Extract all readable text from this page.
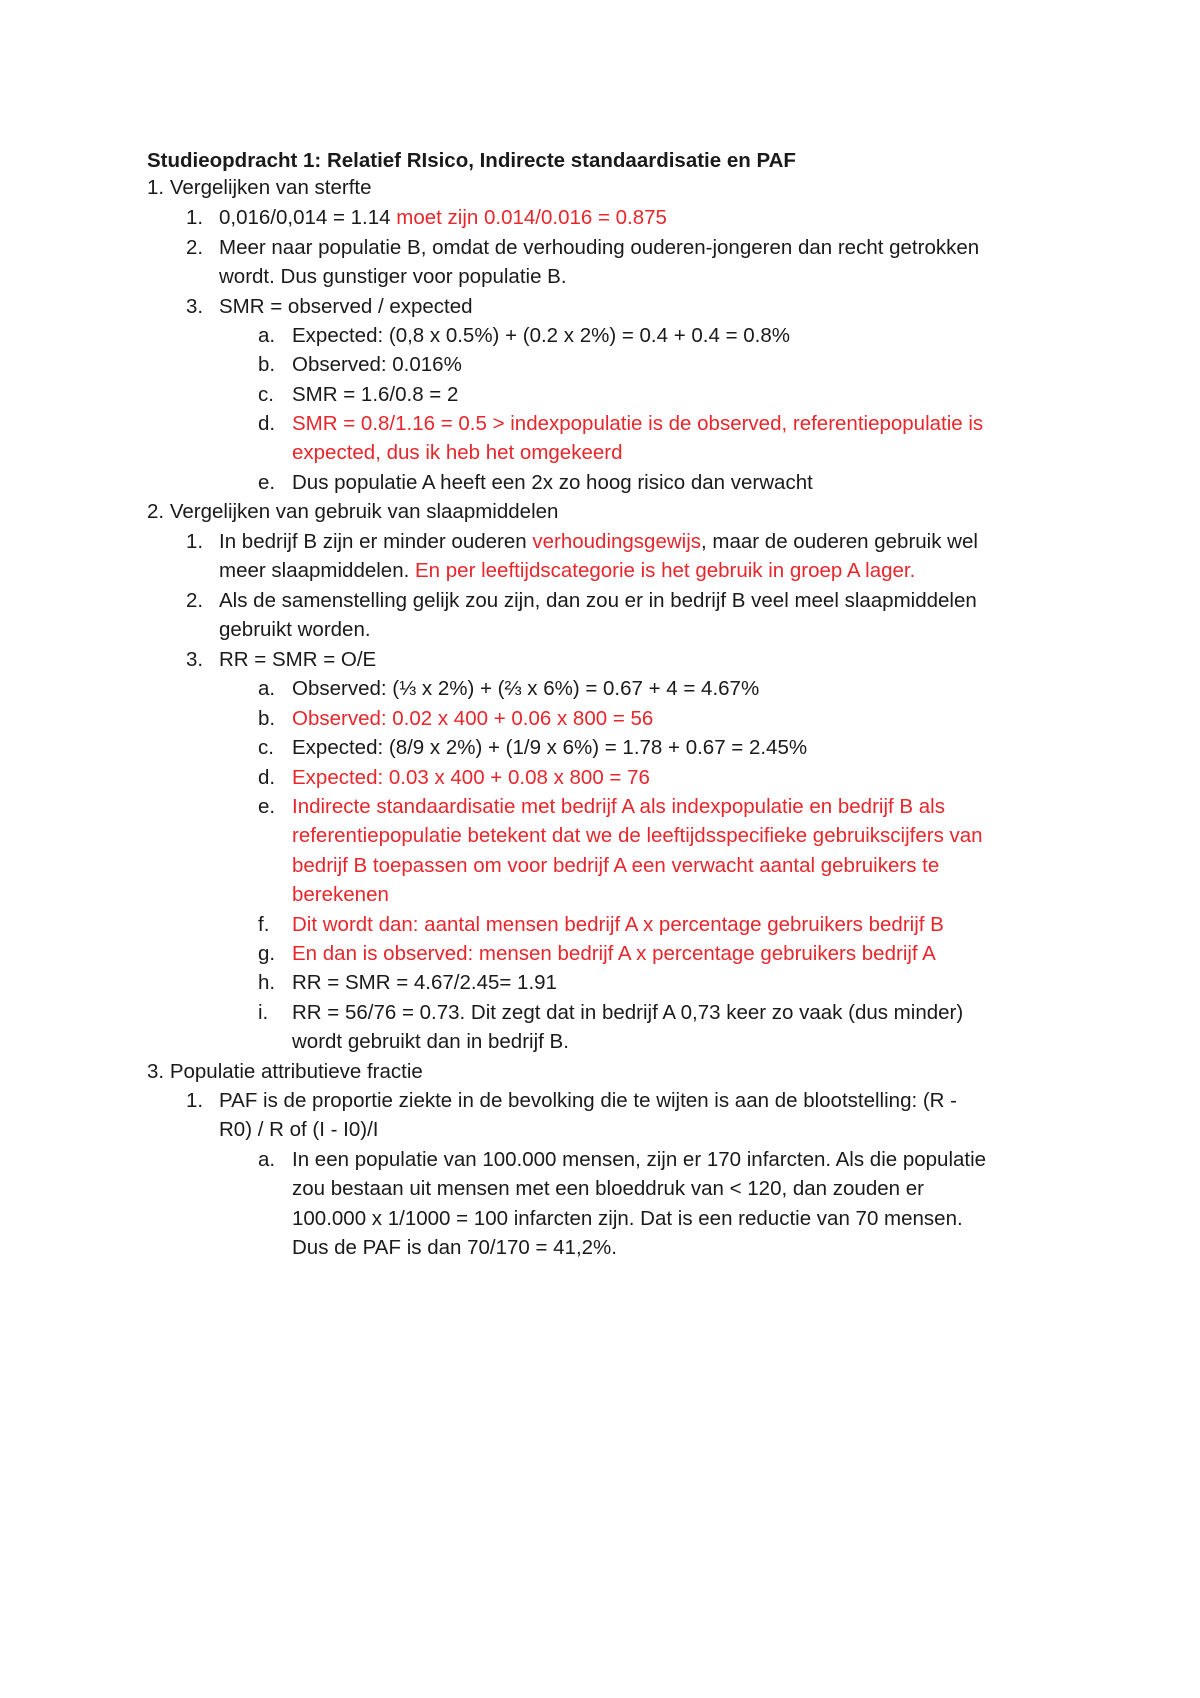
Studieopdracht 1: Relatief RIsico, Indirecte standaardisatie en PAF
1. Vergelijken van sterfte
1. 0,016/0,014 = 1.14 moet zijn 0.014/0.016 = 0.875
2. Meer naar populatie B, omdat de verhouding ouderen-jongeren dan recht getrokken
wordt. Dus gunstiger voor populatie B.
3. SMR = observed / expected
a. Expected: (0,8 x 0.5%) + (0.2 x 2%) = 0.4 + 0.4 = 0.8%
b. Observed: 0.016%
c. SMR = 1.6/0.8 = 2
d. SMR = 0.8/1.16 = 0.5 > indexpopulatie is de observed, referentiepopulatie is
expected, dus ik heb het omgekeerd
e. Dus populatie A heeft een 2x zo hoog risico dan verwacht
2. Vergelijken van gebruik van slaapmiddelen
1. In bedrijf B zijn er minder ouderen verhoudingsgewijs, maar de ouderen gebruik wel
meer slaapmiddelen. En per leeftijdscategorie is het gebruik in groep A lager.
2. Als de samenstelling gelijk zou zijn, dan zou er in bedrijf B veel meel slaapmiddelen
gebruikt worden.
3. RR = SMR = O/E
a. Observed: (⅓ x 2%) + (⅔ x 6%) = 0.67 + 4 = 4.67%
b. Observed: 0.02 x 400 + 0.06 x 800 = 56
c. Expected: (8/9 x 2%) + (1/9 x 6%) = 1.78 + 0.67 = 2.45%
d. Expected: 0.03 x 400 + 0.08 x 800 = 76
e. Indirecte standaardisatie met bedrijf A als indexpopulatie en bedrijf B als
referentiepopulatie betekent dat we de leeftijdsspecifieke gebruikscijfers van
bedrijf B toepassen om voor bedrijf A een verwacht aantal gebruikers te
berekenen
f. Dit wordt dan: aantal mensen bedrijf A x percentage gebruikers bedrijf B
g. En dan is observed: mensen bedrijf A x percentage gebruikers bedrijf A
h. RR = SMR = 4.67/2.45= 1.91
i. RR = 56/76 = 0.73. Dit zegt dat in bedrijf A 0,73 keer zo vaak (dus minder)
wordt gebruikt dan in bedrijf B.
3. Populatie attributieve fractie
1. PAF is de proportie ziekte in de bevolking die te wijten is aan de blootstelling: (R -
R0) / R of (I - I0)/I
a. In een populatie van 100.000 mensen, zijn er 170 infarcten. Als die populatie
zou bestaan uit mensen met een bloeddruk van < 120, dan zouden er
100.000 x 1/1000 = 100 infarcten zijn. Dat is een reductie van 70 mensen.
Dus de PAF is dan 70/170 = 41,2%.
